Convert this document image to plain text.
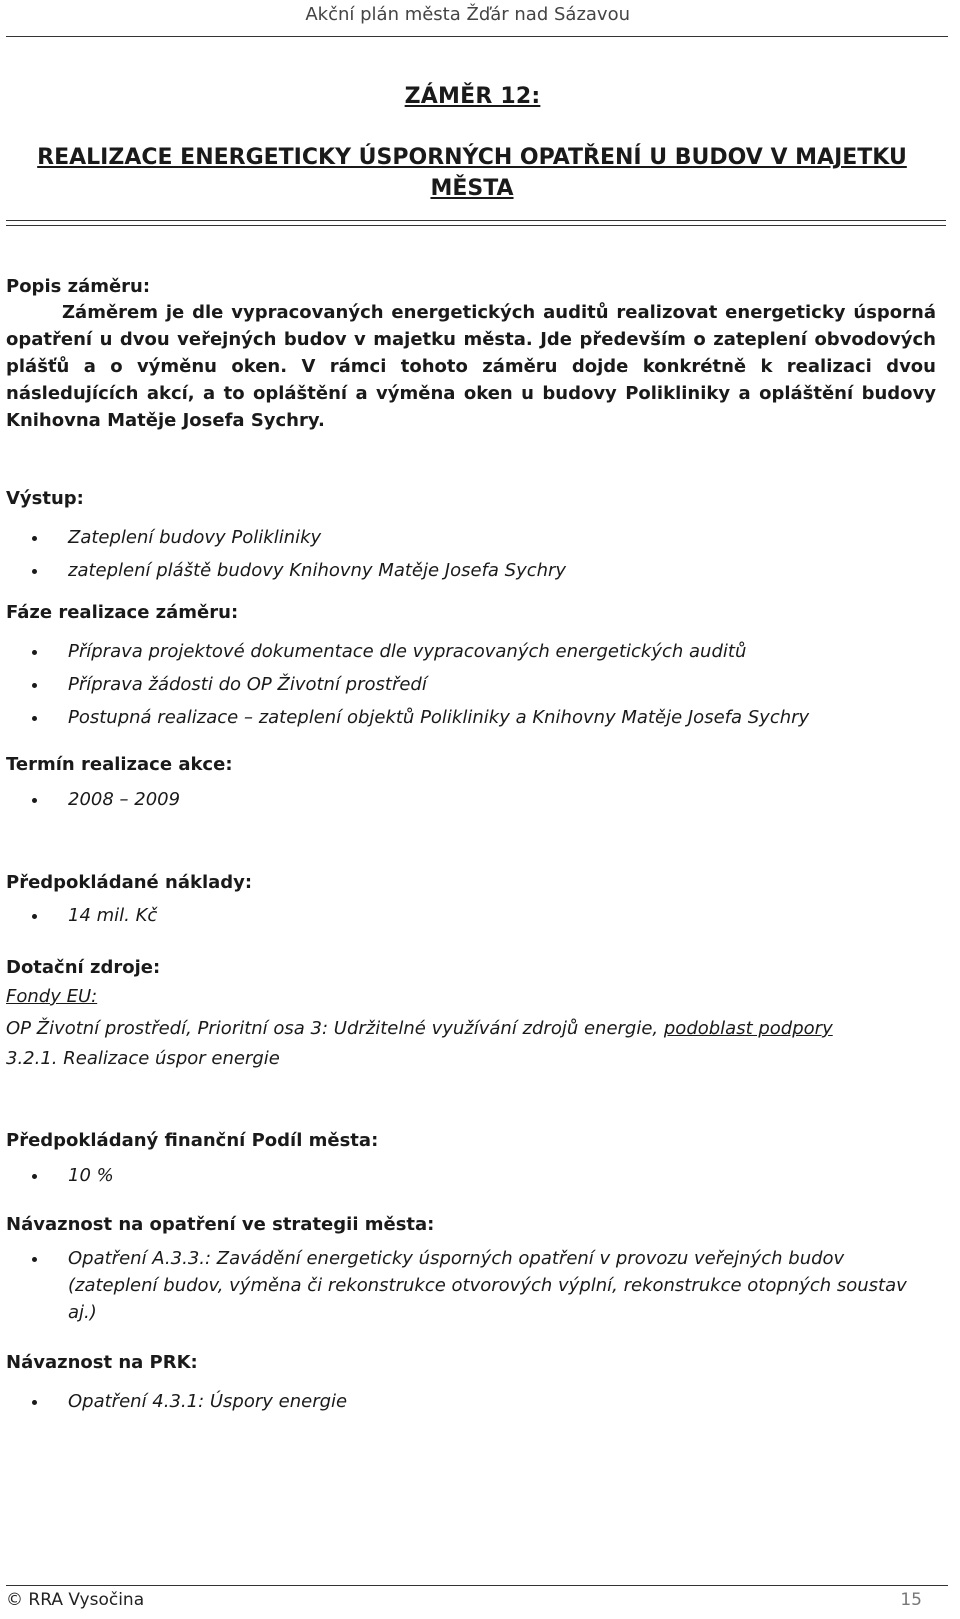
Akční plán města Žďár nad Sázavou
ZÁMĚR 12:
REALIZACE ENERGETICKY ÚSPORNÝCH OPATŘENÍ U BUDOV V MAJETKU MĚSTA
Popis záměru:
Záměrem je dle vypracovaných energetických auditů realizovat energeticky úsporná opatření u dvou veřejných budov v majetku města. Jde především o zateplení obvodových plášťů a o výměnu oken. V rámci tohoto záměru dojde konkrétně k realizaci dvou následujících akcí, a to opláštění a výměna oken u budovy Polikliniky a opláštění budovy Knihovna Matěje Josefa Sychry.
Výstup:
Zateplení budovy Polikliniky
zateplení pláště budovy Knihovny Matěje Josefa Sychry
Fáze realizace záměru:
Příprava projektové dokumentace dle vypracovaných energetických auditů
Příprava žádosti do OP Životní prostředí
Postupná realizace – zateplení objektů Polikliniky a Knihovny Matěje Josefa Sychry
Termín realizace akce:
2008 – 2009
Předpokládané náklady:
14 mil. Kč
Dotační zdroje:
Fondy EU:
OP Životní prostředí, Prioritní osa 3: Udržitelné využívání zdrojů energie, podoblast podpory
3.2.1. Realizace úspor energie
Předpokládaný finanční Podíl města:
10 %
Návaznost na opatření ve strategii města:
Opatření A.3.3.: Zavádění energeticky úsporných opatření v provozu veřejných budov (zateplení budov, výměna či rekonstrukce otvorových výplní, rekonstrukce otopných soustav aj.)
Návaznost na PRK:
Opatření 4.3.1: Úspory energie
© RRA Vysočina	15
